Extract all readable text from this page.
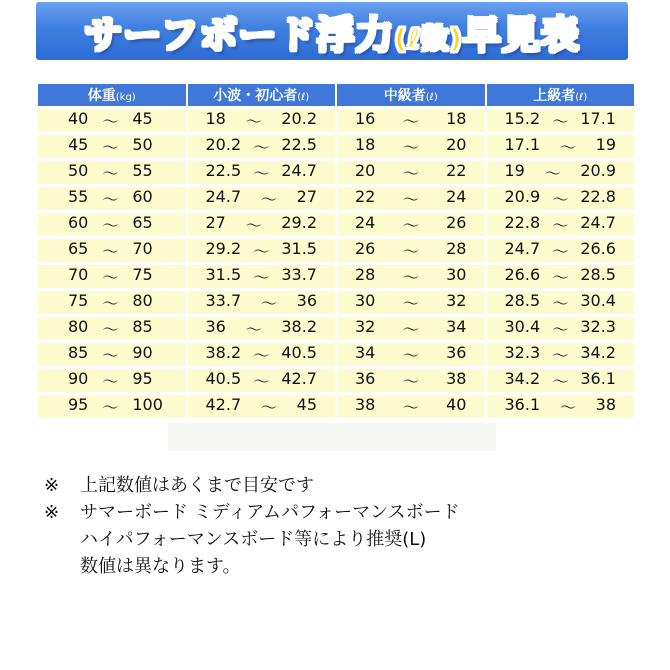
サーフボード浮力(ℓ数)早見表
体重(kg)	小波・初心者(ℓ)	中級者(ℓ)	上級者(ℓ)

40 ～ 45	18 ～ 20.2	16 ～ 18	15.2 ～ 17.1

45 ～ 50	20.2 ～ 22.5	18 ～ 20	17.1 ～ 19

50 ～ 55	22.5 ～ 24.7	20 ～ 22	19 ～ 20.9

55 ～ 60	24.7 ～ 27	22 ～ 24	20.9 ～ 22.8

60 ～ 65	27 ～ 29.2	24 ～ 26	22.8 ～ 24.7

65 ～ 70	29.2 ～ 31.5	26 ～ 28	24.7 ～ 26.6

70 ～ 75	31.5 ～ 33.7	28 ～ 30	26.6 ～ 28.5

75 ～ 80	33.7 ～ 36	30 ～ 32	28.5 ～ 30.4

80 ～ 85	36 ～ 38.2	32 ～ 34	30.4 ～ 32.3

85 ～ 90	38.2 ～ 40.5	34 ～ 36	32.3 ～ 34.2

90 ～ 95	40.5 ～ 42.7	36 ～ 38	34.2 ～ 36.1

95 ～ 100	42.7 ～ 45	38 ～ 40	36.1 ～ 38
※ 上記数値はあくまで目安です
※ サマーボード ミディアムパフォーマンスボード
ハイパフォーマンスボード等により推奨(L)
数値は異なります。
